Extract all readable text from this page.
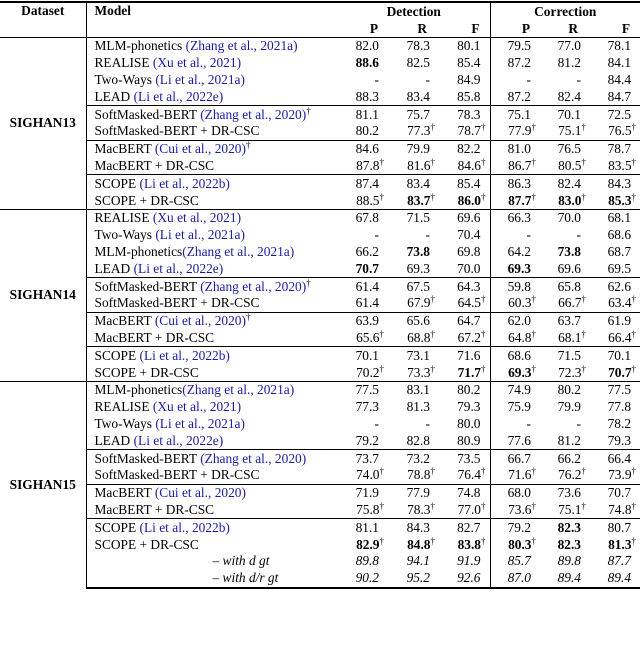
Dataset	Model	Detection			Correction		
		P	R	F	P	R	F
SIGHAN13	MLM-phonetics (Zhang et al., 2021a)	82.0	78.3	80.1	79.5	77.0	78.1
	REALISE (Xu et al., 2021)	88.6	82.5	85.4	87.2	81.2	84.1
	Two-Ways (Li et al., 2021a)	-	-	84.9	-	-	84.4
	LEAD (Li et al., 2022e)	88.3	83.4	85.8	87.2	82.4	84.7
	SoftMasked-BERT (Zhang et al., 2020)†	81.1	75.7	78.3	75.1	70.1	72.5
	SoftMasked-BERT + DR-CSC	80.2	77.3†	78.7†	77.9†	75.1†	76.5†
	MacBERT (Cui et al., 2020)†	84.6	79.9	82.2	81.0	76.5	78.7
	MacBERT + DR-CSC	87.8†	81.6†	84.6†	86.7†	80.5†	83.5†
	SCOPE (Li et al., 2022b)	87.4	83.4	85.4	86.3	82.4	84.3
	SCOPE + DR-CSC	88.5†	83.7†	86.0†	87.7†	83.0†	85.3†
SIGHAN14	REALISE (Xu et al., 2021)	67.8	71.5	69.6	66.3	70.0	68.1
	Two-Ways (Li et al., 2021a)	-	-	70.4	-	-	68.6
	MLM-phonetics(Zhang et al., 2021a)	66.2	73.8	69.8	64.2	73.8	68.7
	LEAD (Li et al., 2022e)	70.7	69.3	70.0	69.3	69.6	69.5
	SoftMasked-BERT (Zhang et al., 2020)†	61.4	67.5	64.3	59.8	65.8	62.6
	SoftMasked-BERT + DR-CSC	61.4	67.9†	64.5†	60.3†	66.7†	63.4†
	MacBERT (Cui et al., 2020)†	63.9	65.6	64.7	62.0	63.7	61.9
	MacBERT + DR-CSC	65.6†	68.8†	67.2†	64.8†	68.1†	66.4†
	SCOPE (Li et al., 2022b)	70.1	73.1	71.6	68.6	71.5	70.1
	SCOPE + DR-CSC	70.2†	73.3†	71.7†	69.3†	72.3†	70.7†
SIGHAN15	MLM-phonetics(Zhang et al., 2021a)	77.5	83.1	80.2	74.9	80.2	77.5
	REALISE (Xu et al., 2021)	77.3	81.3	79.3	75.9	79.9	77.8
	Two-Ways (Li et al., 2021a)	-	-	80.0	-	-	78.2
	LEAD (Li et al., 2022e)	79.2	82.8	80.9	77.6	81.2	79.3
	SoftMasked-BERT (Zhang et al., 2020)	73.7	73.2	73.5	66.7	66.2	66.4
	SoftMasked-BERT + DR-CSC	74.0†	78.8†	76.4†	71.6†	76.2†	73.9†
	MacBERT (Cui et al., 2020)	71.9	77.9	74.8	68.0	73.6	70.7
	MacBERT + DR-CSC	75.8†	78.3†	77.0†	73.6†	75.1†	74.8†
	SCOPE (Li et al., 2022b)	81.1	84.3	82.7	79.2	82.3	80.7
	SCOPE + DR-CSC	82.9†	84.8†	83.8†	80.3†	82.3	81.3†
	– with d gt	89.8	94.1	91.9	85.7	89.8	87.7
	– with d/r gt	90.2	95.2	92.6	87.0	89.4	89.4
